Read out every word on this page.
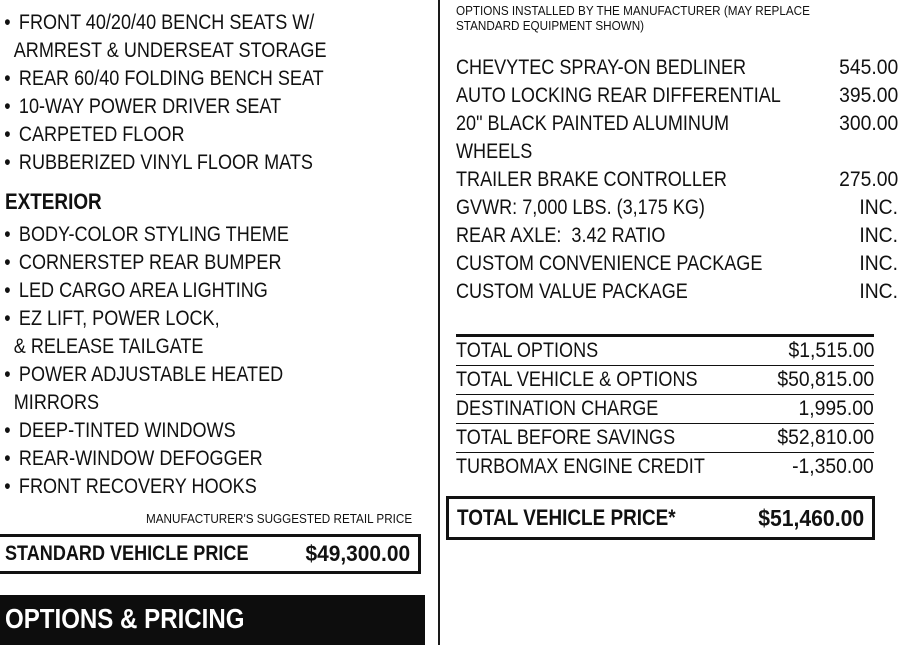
• FRONT 40/20/40 BENCH SEATS W/
ARMREST & UNDERSEAT STORAGE
• REAR 60/40 FOLDING BENCH SEAT
• 10-WAY POWER DRIVER SEAT
• CARPETED FLOOR
• RUBBERIZED VINYL FLOOR MATS
EXTERIOR
• BODY-COLOR STYLING THEME
• CORNERSTEP REAR BUMPER
• LED CARGO AREA LIGHTING
• EZ LIFT, POWER LOCK,
& RELEASE TAILGATE
• POWER ADJUSTABLE HEATED
MIRRORS
• DEEP-TINTED WINDOWS
• REAR-WINDOW DEFOGGER
• FRONT RECOVERY HOOKS
MANUFACTURER'S SUGGESTED RETAIL PRICE
STANDARD VEHICLE PRICE	$49,300.00
OPTIONS & PRICING
OPTIONS INSTALLED BY THE MANUFACTURER (MAY REPLACE
STANDARD EQUIPMENT SHOWN)
CHEVYTEC SPRAY-ON BEDLINER	545.00
AUTO LOCKING REAR DIFFERENTIAL	395.00
20" BLACK PAINTED ALUMINUM WHEELS	300.00
TRAILER BRAKE CONTROLLER	275.00
GVWR: 7,000 LBS. (3,175 KG)	INC.
REAR AXLE:  3.42 RATIO	INC.
CUSTOM CONVENIENCE PACKAGE	INC.
CUSTOM VALUE PACKAGE	INC.
TOTAL OPTIONS	$1,515.00
TOTAL VEHICLE & OPTIONS	$50,815.00
DESTINATION CHARGE	1,995.00
TOTAL BEFORE SAVINGS	$52,810.00
TURBOMAX ENGINE CREDIT	-1,350.00
TOTAL VEHICLE PRICE*	$51,460.00
